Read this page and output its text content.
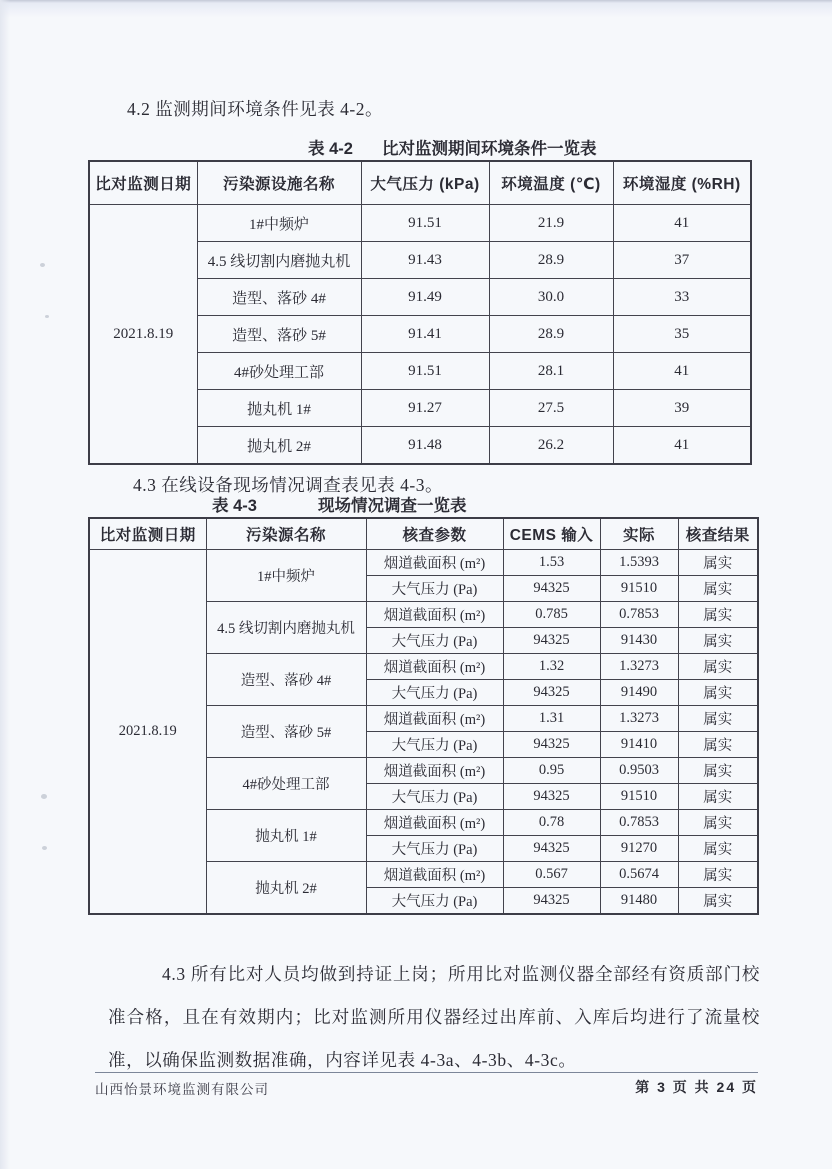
4.2 监测期间环境条件见表 4-2。

表 4-2 比对监测期间环境条件一览表
比对监测日期	污染源设施名称	大气压力 (kPa)	环境温度 (℃)	环境湿度 (%RH)
2021.8.19	1#中频炉	91.51	21.9	41
	4.5 线切割内磨抛丸机	91.43	28.9	37
	造型、落砂 4#	91.49	30.0	33
	造型、落砂 5#	91.41	28.9	35
	4#砂处理工部	91.51	28.1	41
	抛丸机 1#	91.27	27.5	39
	抛丸机 2#	91.48	26.2	41

4.3 在线设备现场情况调查表见表 4-3。

表 4-3	现场情况调查一览表
比对监测日期	污染源名称	核查参数	CEMS 输入	实际	核查结果
2021.8.19	1#中频炉	烟道截面积 (m²)	1.53	1.5393	属实
		大气压力 (Pa)	94325	91510	属实
	4.5 线切割内磨抛丸机	烟道截面积 (m²)	0.785	0.7853	属实
		大气压力 (Pa)	94325	91430	属实
	造型、落砂 4#	烟道截面积 (m²)	1.32	1.3273	属实
		大气压力 (Pa)	94325	91490	属实
	造型、落砂 5#	烟道截面积 (m²)	1.31	1.3273	属实
		大气压力 (Pa)	94325	91410	属实
	4#砂处理工部	烟道截面积 (m²)	0.95	0.9503	属实
		大气压力 (Pa)	94325	91510	属实
	抛丸机 1#	烟道截面积 (m²)	0.78	0.7853	属实
		大气压力 (Pa)	94325	91270	属实
	抛丸机 2#	烟道截面积 (m²)	0.567	0.5674	属实
		大气压力 (Pa)	94325	91480	属实

4.3 所有比对人员均做到持证上岗；所用比对监测仪器全部经有资质部门校准合格，且在有效期内；比对监测所用仪器经过出库前、入库后均进行了流量校准，以确保监测数据准确，内容详见表 4-3a、4-3b、4-3c。

山西怡景环境监测有限公司	第 3 页 共 24 页
